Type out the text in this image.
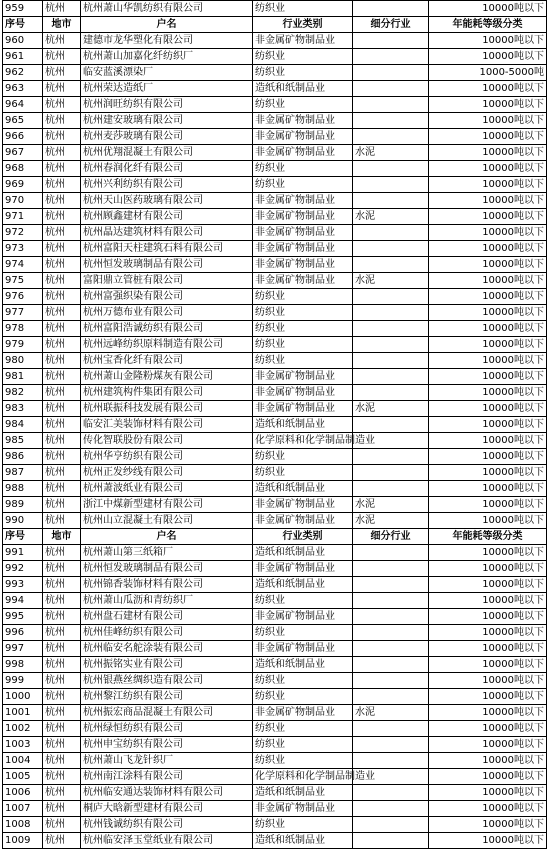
959	杭州	杭州萧山华凯纺织有限公司	纺织业		10000吨以下
序号	地市	户名	行业类别	细分行业	年能耗等级分类
960	杭州	建德市龙华塑化有限公司	非金属矿物制品业		10000吨以下
961	杭州	杭州萧山加嘉化纤纺织厂	纺织业		10000吨以下
962	杭州	临安蓝溪漂染厂	纺织业		1000-5000吨
963	杭州	杭州荣达造纸厂	造纸和纸制品业		10000吨以下
964	杭州	杭州润旺纺织有限公司	纺织业		10000吨以下
965	杭州	杭州建安玻璃有限公司	非金属矿物制品业		10000吨以下
966	杭州	杭州麦莎玻璃有限公司	非金属矿物制品业		10000吨以下
967	杭州	杭州优翔混凝土有限公司	非金属矿物制品业	水泥	10000吨以下
968	杭州	杭州春润化纤有限公司	纺织业		10000吨以下
969	杭州	杭州兴利纺织有限公司	纺织业		10000吨以下
970	杭州	杭州天山医药玻璃有限公司	非金属矿物制品业		10000吨以下
971	杭州	杭州顾鑫建材有限公司	非金属矿物制品业	水泥	10000吨以下
972	杭州	杭州晶达建筑材料有限公司	非金属矿物制品业		10000吨以下
973	杭州	杭州富阳天柱建筑石料有限公司	非金属矿物制品业		10000吨以下
974	杭州	杭州恒发玻璃制品有限公司	非金属矿物制品业		10000吨以下
975	杭州	富阳鼎立管桩有限公司	非金属矿物制品业	水泥	10000吨以下
976	杭州	杭州富强织染有限公司	纺织业		10000吨以下
977	杭州	杭州万德布业有限公司	纺织业		10000吨以下
978	杭州	杭州富阳浩诚纺织有限公司	纺织业		10000吨以下
979	杭州	杭州远峰纺织原料制造有限公司	纺织业		10000吨以下
980	杭州	杭州宝香化纤有限公司	纺织业		10000吨以下
981	杭州	杭州萧山金隆粉煤灰有限公司	非金属矿物制品业		10000吨以下
982	杭州	杭州建筑构件集团有限公司	非金属矿物制品业		10000吨以下
983	杭州	杭州联振科技发展有限公司	非金属矿物制品业	水泥	10000吨以下
984	杭州	临安汇美装饰材料有限公司	造纸和纸制品业		10000吨以下
985	杭州	传化智联股份有限公司	化学原料和化学制品制造业		10000吨以下
986	杭州	杭州华亨纺织有限公司	纺织业		10000吨以下
987	杭州	杭州正发纱线有限公司	纺织业		10000吨以下
988	杭州	杭州萧波纸业有限公司	造纸和纸制品业		10000吨以下
989	杭州	浙江中煤新型建材有限公司	非金属矿物制品业	水泥	10000吨以下
990	杭州	杭州山立混凝土有限公司	非金属矿物制品业	水泥	10000吨以下
序号	地市	户名	行业类别	细分行业	年能耗等级分类
991	杭州	杭州萧山第三纸箱厂	造纸和纸制品业		10000吨以下
992	杭州	杭州恒发玻璃制品有限公司	非金属矿物制品业		10000吨以下
993	杭州	杭州锦香装饰材料有限公司	造纸和纸制品业		10000吨以下
994	杭州	杭州萧山瓜沥和青纺织厂	纺织业		10000吨以下
995	杭州	杭州盘石建材有限公司	非金属矿物制品业		10000吨以下
996	杭州	杭州佳峰纺织有限公司	纺织业		10000吨以下
997	杭州	杭州临安名舵涂装有限公司	非金属矿物制品业		10000吨以下
998	杭州	杭州振铭实业有限公司	造纸和纸制品业		10000吨以下
999	杭州	杭州银燕丝绸织造有限公司	纺织业		10000吨以下
1000	杭州	杭州黎江纺织有限公司	纺织业		10000吨以下
1001	杭州	杭州振宏商品混凝土有限公司	非金属矿物制品业	水泥	10000吨以下
1002	杭州	杭州绿恒纺织有限公司	纺织业		10000吨以下
1003	杭州	杭州申宝纺织有限公司	纺织业		10000吨以下
1004	杭州	杭州萧山飞龙针织厂	纺织业		10000吨以下
1005	杭州	杭州南江涂料有限公司	化学原料和化学制品制造业		10000吨以下
1006	杭州	杭州临安通达装饰材料有限公司	造纸和纸制品业		10000吨以下
1007	杭州	桐庐大晗新型建材有限公司	非金属矿物制品业		10000吨以下
1008	杭州	杭州钱诚纺织有限公司	纺织业		10000吨以下
1009	杭州	杭州临安泽玉堂纸业有限公司	造纸和纸制品业		10000吨以下
